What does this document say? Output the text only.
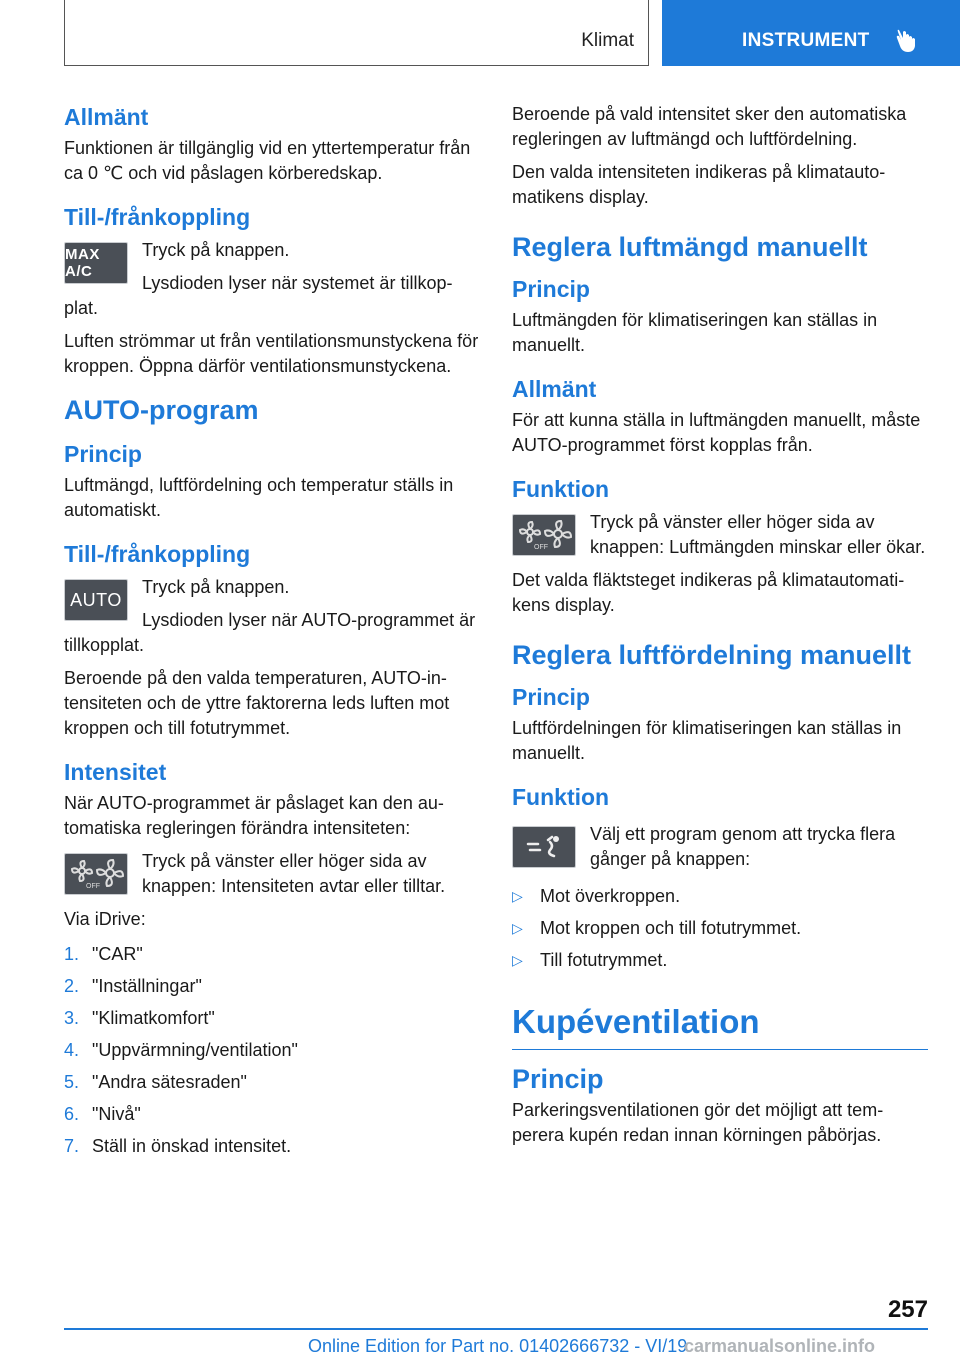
Klimat	INSTRUMENT
Allmänt

Funktionen är tillgänglig vid en yttertemperatur från ca 0 ℃ och vid påslagen körberedskap.

Till-/frånkoppling
MAX A/C

Tryck på knappen.

Lysdioden lyser när systemet är tillkopplat.

Luften strömmar ut från ventilationsmunstyckena för kroppen. Öppna därför ventilationsmunstyckena.

AUTO-program
Princip

Luftmängd, luftfördelning och temperatur ställs in automatiskt.

Till-/frånkoppling
AUTO

Tryck på knappen.

Lysdioden lyser när AUTO-programmet är tillkopplat.

Beroende på den valda temperaturen, AUTO-intensiteten och de yttre faktorerna leds luften mot kroppen och till fotutrymmet.

Intensitet

När AUTO-programmet är påslaget kan den automatiska regleringen förändra intensiteten:

OFF

Tryck på vänster eller höger sida av knappen: Intensiteten avtar eller tilltar.

Via iDrive:

1. "CAR"
2. "Inställningar"
3. "Klimatkomfort"
4. "Uppvärmning/ventilation"
5. "Andra sätesraden"
6. "Nivå"
7. Ställ in önskad intensitet.

Beroende på vald intensitet sker den automatiska regleringen av luftmängd och luftfördelning.

Den valda intensiteten indikeras på klimatautomatikens display.

Reglera luftmängd manuellt
Princip

Luftmängden för klimatiseringen kan ställas in manuellt.

Allmänt

För att kunna ställa in luftmängden manuellt, måste AUTO-programmet först kopplas från.

Funktion
OFF

Tryck på vänster eller höger sida av knappen: Luftmängden minskar eller ökar.

Det valda fläktsteget indikeras på klimatautomatikens display.

Reglera luftfördelning manuellt
Princip

Luftfördelningen för klimatiseringen kan ställas in manuellt.

Funktion

Välj ett program genom att trycka flera gånger på knappen:

▷ Mot överkroppen.
▷ Mot kroppen och till fotutrymmet.
▷ Till fotutrymmet.
Kupéventilation
Princip

Parkeringsventilationen gör det möjligt att temperera kupén redan innan körningen påbörjas.

257
Online Edition for Part no. 01402666732 - VI/19
carmanualsonline.info
